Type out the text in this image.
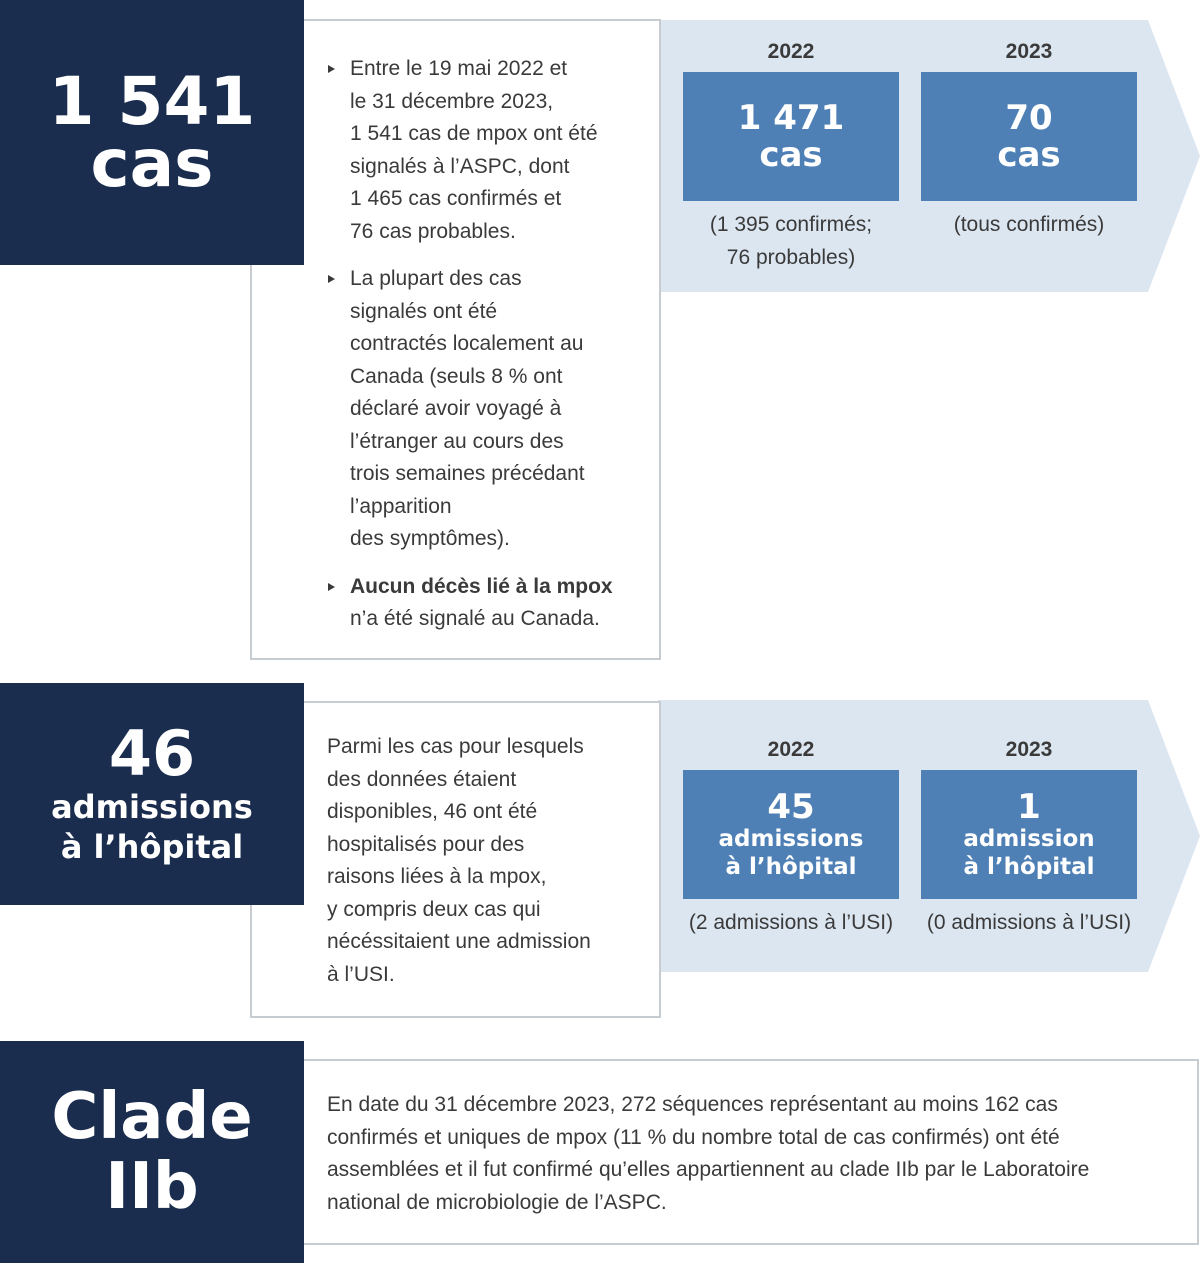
Entre le 19 mai 2022 et
le 31 décembre 2023,
1 541 cas de mpox ont été
signalés à l’ASPC, dont
1 465 cas confirmés et
76 cas probables.
La plupart des cas
signalés ont été
contractés localement au
Canada (seuls 8 % ont
déclaré avoir voyagé à
l’étranger au cours des
trois semaines précédant
l’apparition
des symptômes).
Aucun décès lié à la mpox
n’a été signalé au Canada.
1 541
cas
2022	2023
1 471
cas
70
cas
(1 395 confirmés;
76 probables)
(tous confirmés)
Parmi les cas pour lesquels
des données étaient
disponibles, 46 ont été
hospitalisés pour des
raisons liées à la mpox,
y compris deux cas qui
nécéssitaient une admission
à l’USI.
46
admissions
à l’hôpital
2022	2023
45
admissions
à l’hôpital
1
admission
à l’hôpital
(2 admissions à l’USI)	(0 admissions à l’USI)
En date du 31 décembre 2023, 272 séquences représentant au moins 162 cas
confirmés et uniques de mpox (11 % du nombre total de cas confirmés) ont été
assemblées et il fut confirmé qu’elles appartiennent au clade IIb par le Laboratoire
national de microbiologie de l’ASPC.
Clade
IIb
